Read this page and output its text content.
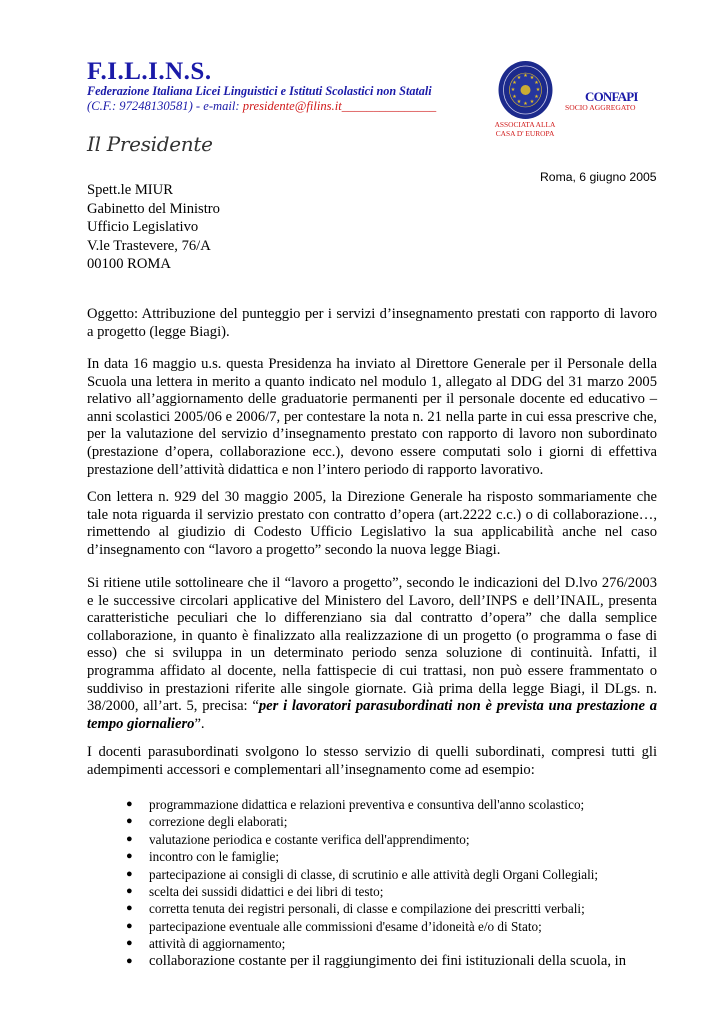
F.I.L.I.N.S.
Federazione Italiana Licei Linguistici e Istituti Scolastici non Statali
(C.F.: 97248130581) - e-mail: presidente@filins.it_______________
Il Presidente
★ ★
★
★
★
★
★
★
★
★
★
★
ASSOCIATA ALLA
CASA D' EUROPA
CONFAPI
SOCIO AGGREGATO
Roma, 6 giugno 2005
Spett.le MIUR
Gabinetto del Ministro
Ufficio Legislativo
V.le Trastevere, 76/A
00100 ROMA

Oggetto: Attribuzione del punteggio per i servizi d’insegnamento prestati con rapporto di lavoro a progetto (legge Biagi).

In data 16 maggio u.s. questa Presidenza ha inviato al Direttore Generale per il Personale della Scuola una lettera in merito a quanto indicato nel modulo 1, allegato al DDG del 31 marzo 2005 relativo all’aggiornamento delle graduatorie permanenti per il personale docente ed educativo – anni scolastici 2005/06 e 2006/7, per contestare la nota n. 21 nella parte in cui essa prescrive che, per la valutazione del servizio d’insegnamento prestato con rapporto di lavoro non subordinato (prestazione d’opera, collaborazione ecc.), devono essere computati solo i giorni di effettiva prestazione dell’attività didattica e non l’intero periodo di rapporto lavorativo.

Con lettera n. 929 del 30 maggio 2005, la Direzione Generale ha risposto sommariamente che tale nota riguarda il servizio prestato con contratto d’opera (art.2222 c.c.) o di collaborazione…, rimettendo al giudizio di Codesto Ufficio Legislativo la sua applicabilità anche nel caso d’insegnamento con “lavoro a progetto” secondo la nuova legge Biagi.

Si ritiene utile sottolineare che il “lavoro a progetto”, secondo le indicazioni del D.lvo 276/2003 e le successive circolari applicative del Ministero del Lavoro, dell’INPS e dell’INAIL, presenta caratteristiche peculiari che lo differenziano sia dal contratto d’opera” che dalla semplice collaborazione, in quanto è finalizzato alla realizzazione di un progetto (o programma o fase di esso) che si sviluppa in un determinato periodo senza soluzione di continuità. Infatti, il programma affidato al docente, nella fattispecie di cui trattasi, non può essere frammentato o suddiviso in prestazioni riferite alle singole giornate. Già prima della legge Biagi, il DLgs. n. 38/2000, all’art. 5, precisa: “per i lavoratori parasubordinati non è prevista una prestazione a tempo giornaliero”.

I docenti parasubordinati svolgono lo stesso servizio di quelli subordinati, compresi tutti gli adempimenti accessori e complementari all’insegnamento come ad esempio:

● programmazione didattica e relazioni preventiva e consuntiva dell'anno scolastico;
● correzione degli elaborati;
● valutazione periodica e costante verifica dell'apprendimento;
● incontro con le famiglie;
● partecipazione ai consigli di classe, di scrutinio e alle attività degli Organi Collegiali;
● scelta dei sussidi didattici e dei libri di testo;
● corretta tenuta dei registri personali, di classe e compilazione dei prescritti verbali;
● partecipazione eventuale alle commissioni d'esame d’idoneità e/o di Stato;
● attività di aggiornamento;
● collaborazione costante per il raggiungimento dei fini istituzionali della scuola, in
